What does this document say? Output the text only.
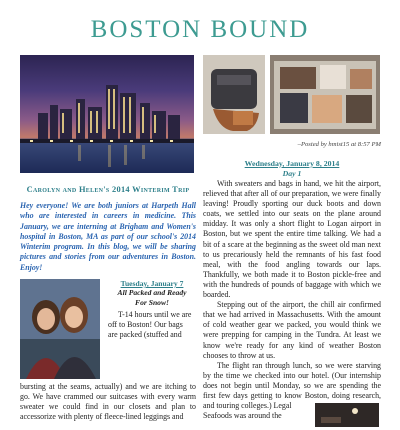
BOSTON BOUND
Carolyn and Helen's 2014 Winterim Trip
Hey everyone! We are both juniors at Harpeth Hall who are interested in careers in medicine. This January, we are interning at Brigham and Women's hospital in Boston, MA as part of our school's 2014 Winterim program. In this blog, we will be sharing pictures and stories from our adventures in Boston. Enjoy!
Tuesday, January 7
All Packed and Ready
For Snow!
T-14 hours until we are
off to Boston! Our bags
are packed (stuffed and
bursting at the seams, actually) and we are itching to go. We have crammed our suitcases with every warm sweater we could find in our closets and plan to accessorize with plenty of fleece-lined leggings and
–Posted by hmist15 at 8:57 PM
Wednesday, January 8, 2014
Day 1

With sweaters and bags in hand, we hit the airport, relieved that after all of our preparation, we were finally leaving! Proudly sporting our duck boots and down coats, we settled into our seats on the plane around midday. It was only a short flight to Logan airport in Boston, but we spent the entire time talking. We had a bit of a scare at the beginning as the sweet old man next to us precariously held the remnants of his fast food meal, with the food angling towards our laps. Thankfully, we both made it to Boston pickle-free and with the hundreds of pounds of baggage with which we boarded.

Stepping out of the airport, the chill air confirmed that we had arrived in Massachusetts. With the amount of cold weather gear we packed, you would think we were prepping for camping in the Tundra. At least we know we're ready for any kind of weather Boston chooses to throw at us.

The flight ran through lunch, so we were starving by the time we checked into our hotel. (Our internship does not begin until Monday, so we are spending the first few days getting to know Boston, doing research, and touring colleges.) Legal

Seafoods was around the
